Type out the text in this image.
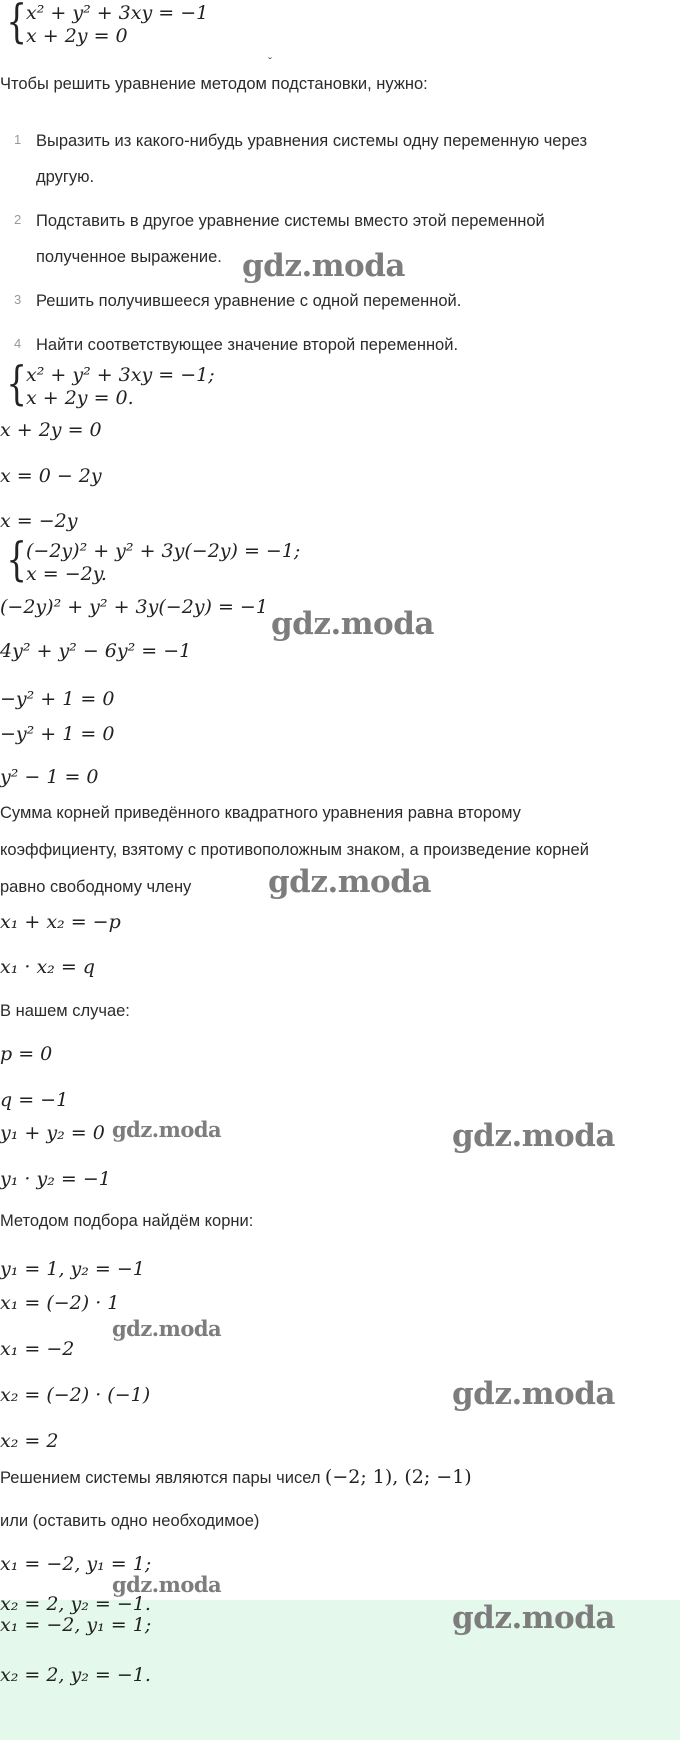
{ x² + y² + 3xy = −1
x + 2y = 0
ˇ
Чтобы решить уравнение методом подстановки, нужно:
1 Выразить из какого-нибудь уравнения системы одну переменную через
другую.
2 Подставить в другое уравнение системы вместо этой переменной
полученное выражение.
3 Решить получившееся уравнение с одной переменной.
4 Найти соответствующее значение второй переменной.
{ x² + y² + 3xy = −1;
x + 2y = 0.
x + 2y = 0
x = 0 − 2y
x = −2y
{ (−2y)² + y² + 3y(−2y) = −1;
x = −2y.
(−2y)² + y² + 3y(−2y) = −1
4y² + y² − 6y² = −1
−y² + 1 = 0
−y² + 1 = 0
y² − 1 = 0
Сумма корней приведённого квадратного уравнения равна второму
коэффициенту, взятому с противоположным знаком, а произведение корней
равно свободному члену
x₁ + x₂ = −p
x₁ · x₂ = q
В нашем случае:
p = 0
q = −1
y₁ + y₂ = 0
y₁ · y₂ = −1
Методом подбора найдём корни:
y₁ = 1, y₂ = −1
x₁ = (−2) · 1
x₁ = −2
x₂ = (−2) · (−1)
x₂ = 2
Решением системы являются пары чисел (−2; 1), (2; −1)
или (оставить одно необходимое)
x₁ = −2, y₁ = 1;
x₂ = 2, y₂ = −1.
x₁ = −2, y₁ = 1;
x₂ = 2, y₂ = −1.
gdz.moda
gdz.moda
gdz.moda
gdz.moda	gdz.moda
gdz.moda
gdz.moda
gdz.moda
gdz.moda
